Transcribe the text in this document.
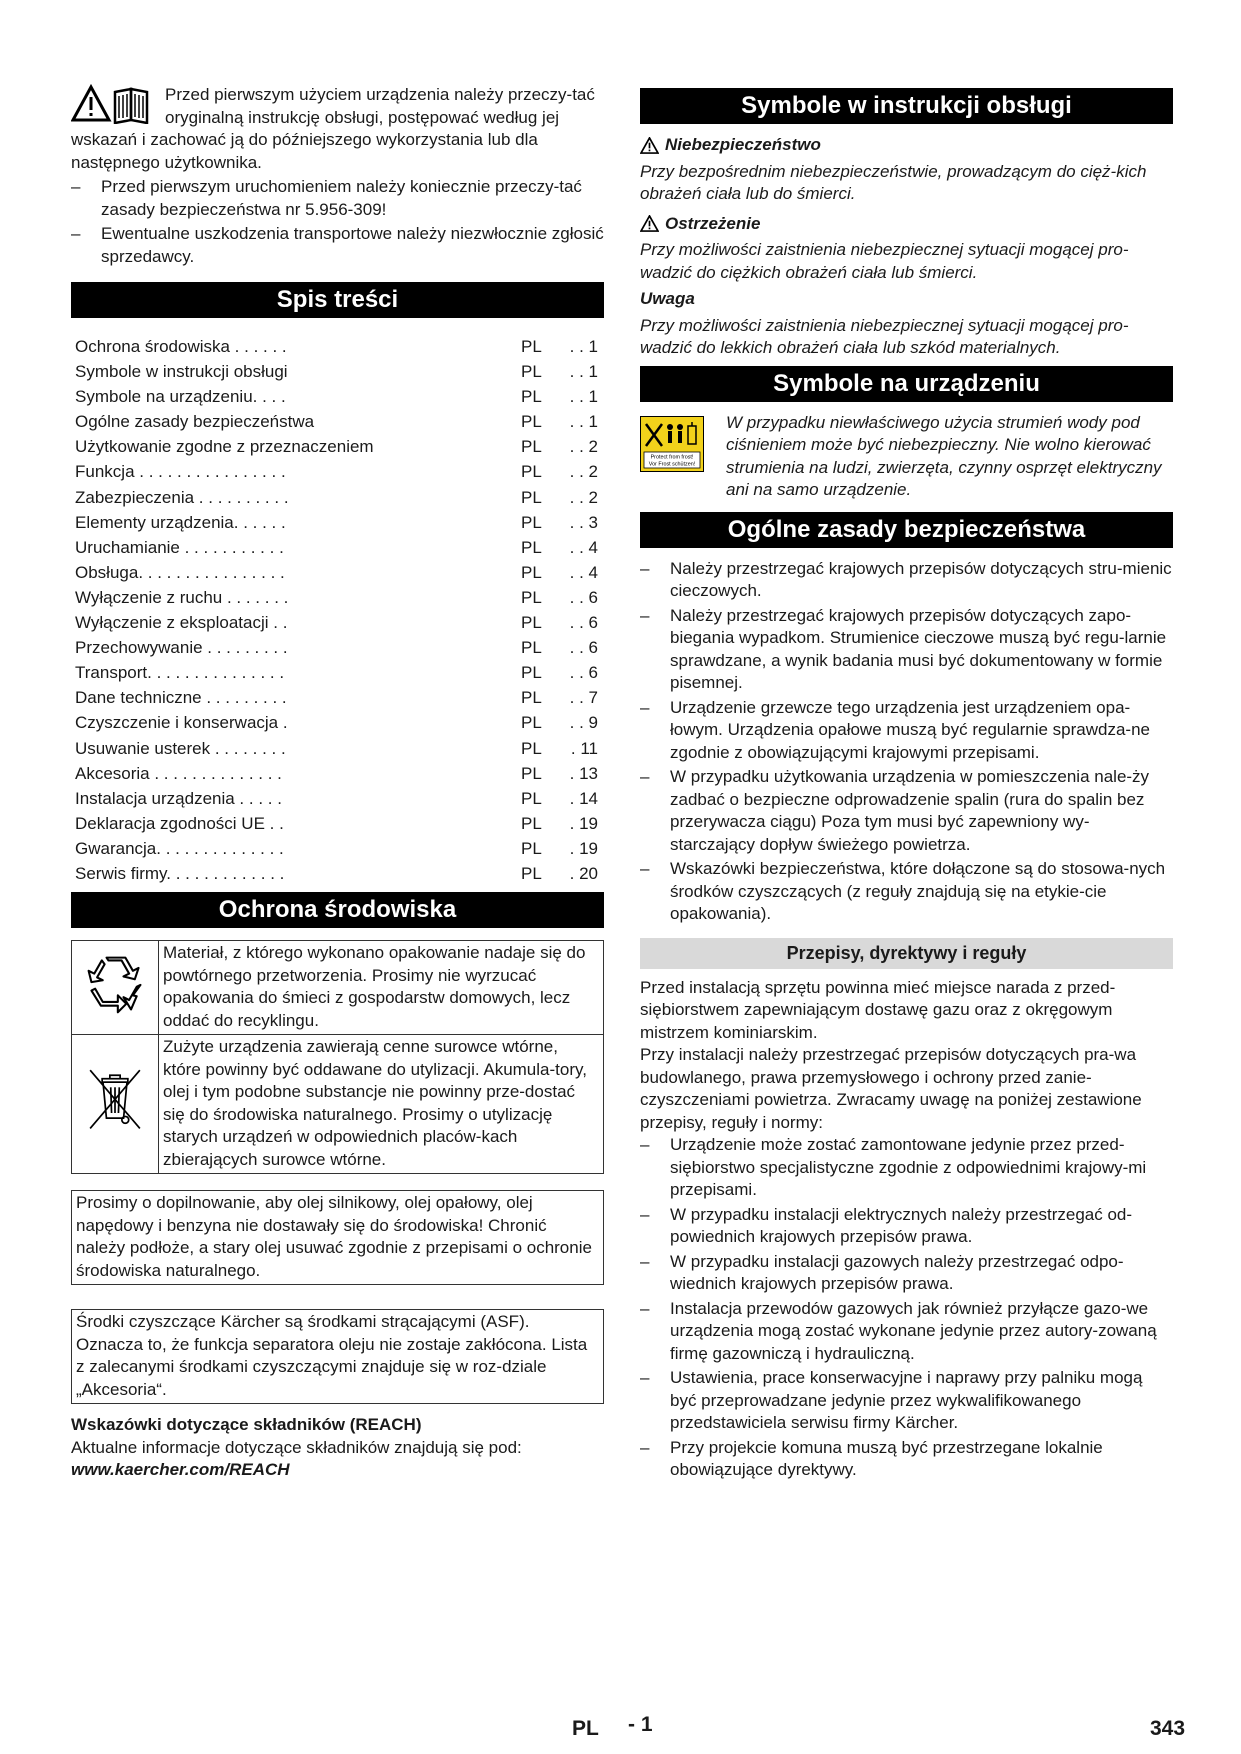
Przed pierwszym użyciem urządzenia należy przeczy-tać oryginalną instrukcję obsługi, postępować według jej wskazań i zachować ją do późniejszego wykorzystania lub dla następnego użytkownika.

– Przed pierwszym uruchomieniem należy koniecznie przeczy-tać zasady bezpieczeństwa nr 5.956-309!
– Ewentualne uszkodzenia transportowe należy niezwłocznie zgłosić sprzedawcy.
Spis treści
Ochrona środowiska . . . . . .	PL	. . 1
Symbole w instrukcji obsługi	PL	. . 1
Symbole na urządzeniu. . . .	PL	. . 1
Ogólne zasady bezpieczeństwa	PL	. . 1
Użytkowanie zgodne z przeznaczeniem	PL	. . 2
Funkcja . . . . . . . . . . . . . . . .	PL	. . 2
Zabezpieczenia . . . . . . . . . .	PL	. . 2
Elementy urządzenia. . . . . .	PL	. . 3
Uruchamianie . . . . . . . . . . .	PL	. . 4
Obsługa. . . . . . . . . . . . . . . .	PL	. . 4
Wyłączenie z ruchu . . . . . . .	PL	. . 6
Wyłączenie z eksploatacji . .	PL	. . 6
Przechowywanie . . . . . . . . .	PL	. . 6
Transport. . . . . . . . . . . . . . .	PL	. . 6
Dane techniczne . . . . . . . . .	PL	. . 7
Czyszczenie i konserwacja .	PL	. . 9
Usuwanie usterek . . . . . . . .	PL	. 11
Akcesoria . . . . . . . . . . . . . .	PL	. 13
Instalacja urządzenia . . . . .	PL	. 14
Deklaracja zgodności UE . .	PL	. 19
Gwarancja. . . . . . . . . . . . . .	PL	. 19
Serwis firmy. . . . . . . . . . . . .	PL	. 20
Ochrona środowiska
	Materiał, z którego wykonano opakowanie nadaje się do powtórnego przetworzenia. Prosimy nie wyrzucać opakowania do śmieci z gospodarstw domowych, lecz oddać do recyklingu.
	Zużyte urządzenia zawierają cenne surowce wtórne, które powinny być oddawane do utylizacji. Akumula-tory, olej i tym podobne substancje nie powinny prze-dostać się do środowiska naturalnego. Prosimy o utylizację starych urządzeń w odpowiednich placów-kach zbierających surowce wtórne.
Prosimy o dopilnowanie, aby olej silnikowy, olej opałowy, olej napędowy i benzyna nie dostawały się do środowiska! Chronić należy podłoże, a stary olej usuwać zgodnie z przepisami o ochronie środowiska naturalnego.
Środki czyszczące Kärcher są środkami strącającymi (ASF). Oznacza to, że funkcja separatora oleju nie zostaje zakłócona. Lista z zalecanymi środkami czyszczącymi znajduje się w roz-dziale „Akcesoria“.
Wskazówki dotyczące składników (REACH)
Aktualne informacje dotyczące składników znajdują się pod:
www.kaercher.com/REACH
Symbole w instrukcji obsługi
Niebezpieczeństwo
Przy bezpośrednim niebezpieczeństwie, prowadzącym do cięż-kich obrażeń ciała lub do śmierci.
Ostrzeżenie
Przy możliwości zaistnienia niebezpiecznej sytuacji mogącej pro-wadzić do ciężkich obrażeń ciała lub śmierci.
Uwaga
Przy możliwości zaistnienia niebezpiecznej sytuacji mogącej pro-wadzić do lekkich obrażeń ciała lub szkód materialnych.
Symbole na urządzeniu
Protect from frost!
Vor Frost schützen!
W przypadku niewłaściwego użycia strumień wody pod ciśnieniem może być niebezpieczny. Nie wolno kierować strumienia na ludzi, zwierzęta, czynny osprzęt elektryczny ani na samo urządzenie.
Ogólne zasady bezpieczeństwa
– Należy przestrzegać krajowych przepisów dotyczących stru-mienic cieczowych.
– Należy przestrzegać krajowych przepisów dotyczących zapo-biegania wypadkom. Strumienice cieczowe muszą być regu-larnie sprawdzane, a wynik badania musi być dokumentowany w formie pisemnej.
– Urządzenie grzewcze tego urządzenia jest urządzeniem opa-łowym. Urządzenia opałowe muszą być regularnie sprawdza-ne zgodnie z obowiązującymi krajowymi przepisami.
– W przypadku użytkowania urządzenia w pomieszczenia nale-ży zadbać o bezpieczne odprowadzenie spalin (rura do spalin bez przerywacza ciągu) Poza tym musi być zapewniony wy-starczający dopływ świeżego powietrza.
– Wskazówki bezpieczeństwa, które dołączone są do stosowa-nych środków czyszczących (z reguły znajdują się na etykie-cie opakowania).
Przepisy, dyrektywy i reguły

Przed instalacją sprzętu powinna mieć miejsce narada z przed-siębiorstwem zapewniającym dostawę gazu oraz z okręgowym mistrzem kominiarskim.

Przy instalacji należy przestrzegać przepisów dotyczących pra-wa budowlanego, prawa przemysłowego i ochrony przed zanie-czyszczeniami powietrza. Zwracamy uwagę na poniżej zestawione przepisy, reguły i normy:

– Urządzenie może zostać zamontowane jedynie przez przed-siębiorstwo specjalistyczne zgodnie z odpowiednimi krajowy-mi przepisami.
– W przypadku instalacji elektrycznych należy przestrzegać od-powiednich krajowych przepisów prawa.
– W przypadku instalacji gazowych należy przestrzegać odpo-wiednich krajowych przepisów prawa.
– Instalacja przewodów gazowych jak również przyłącze gazo-we urządzenia mogą zostać wykonane jedynie przez autory-zowaną firmę gazowniczą i hydrauliczną.
– Ustawienia, prace konserwacyjne i naprawy przy palniku mogą być przeprowadzane jedynie przez wykwalifikowanego przedstawiciela serwisu firmy Kärcher.
– Przy projekcie komuna muszą być przestrzegane lokalnie obowiązujące dyrektywy.
PL - 1	343
